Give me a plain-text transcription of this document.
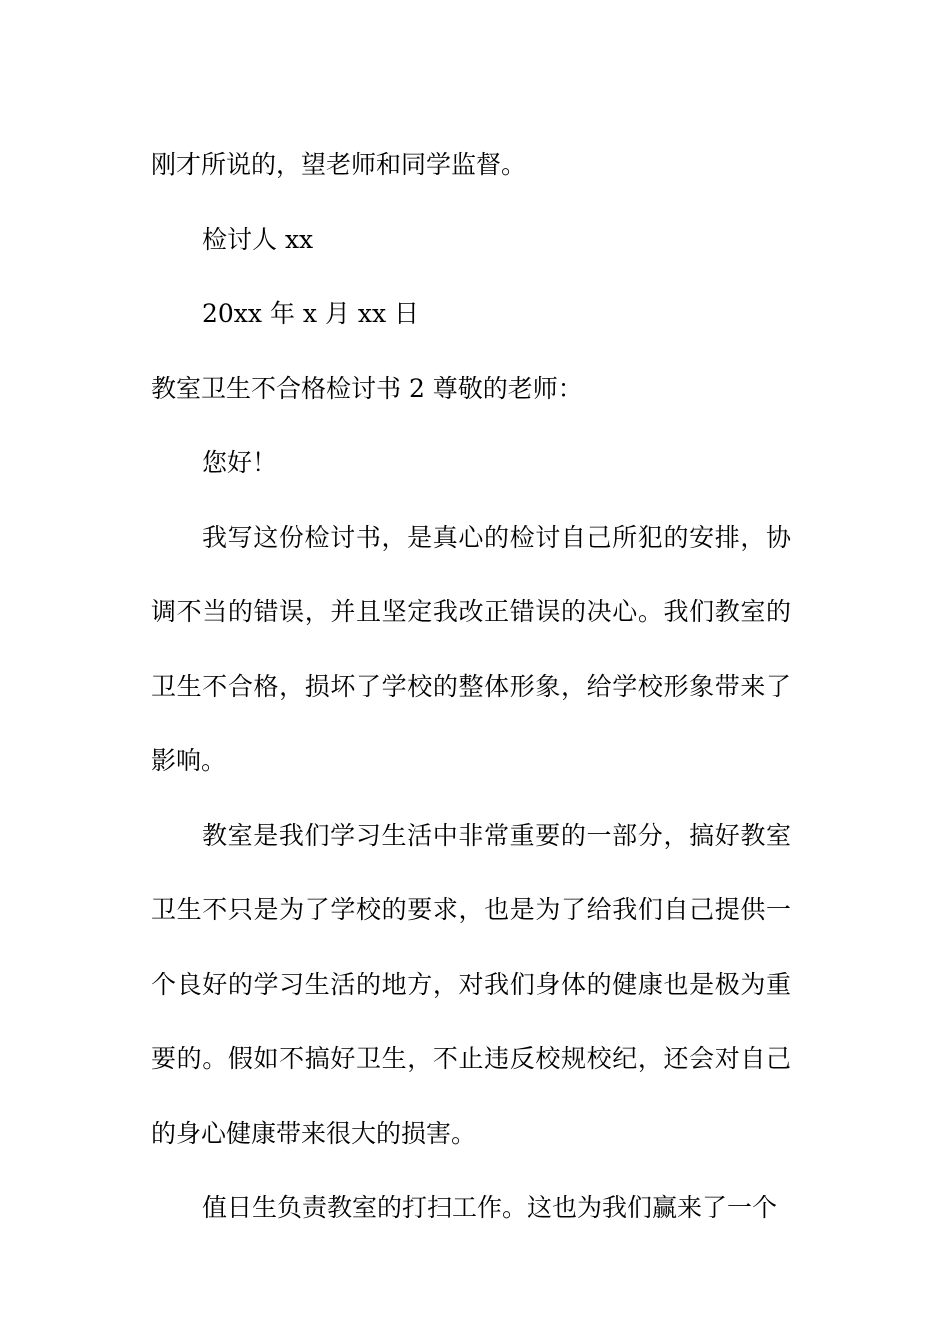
刚才所说的，望老师和同学监督。

检讨人 xx

20xx 年 x 月 xx 日

教室卫生不合格检讨书 2 尊敬的老师：

您好！

我写这份检讨书，是真心的检讨自己所犯的安排，协调不当的错误，并且坚定我改正错误的决心。我们教室的卫生不合格，损坏了学校的整体形象，给学校形象带来了影响。

教室是我们学习生活中非常重要的一部分，搞好教室卫生不只是为了学校的要求，也是为了给我们自己提供一个良好的学习生活的地方，对我们身体的健康也是极为重要的。假如不搞好卫生，不止违反校规校纪，还会对自己的身心健康带来很大的损害。

值日生负责教室的打扫工作。这也为我们赢来了一个
